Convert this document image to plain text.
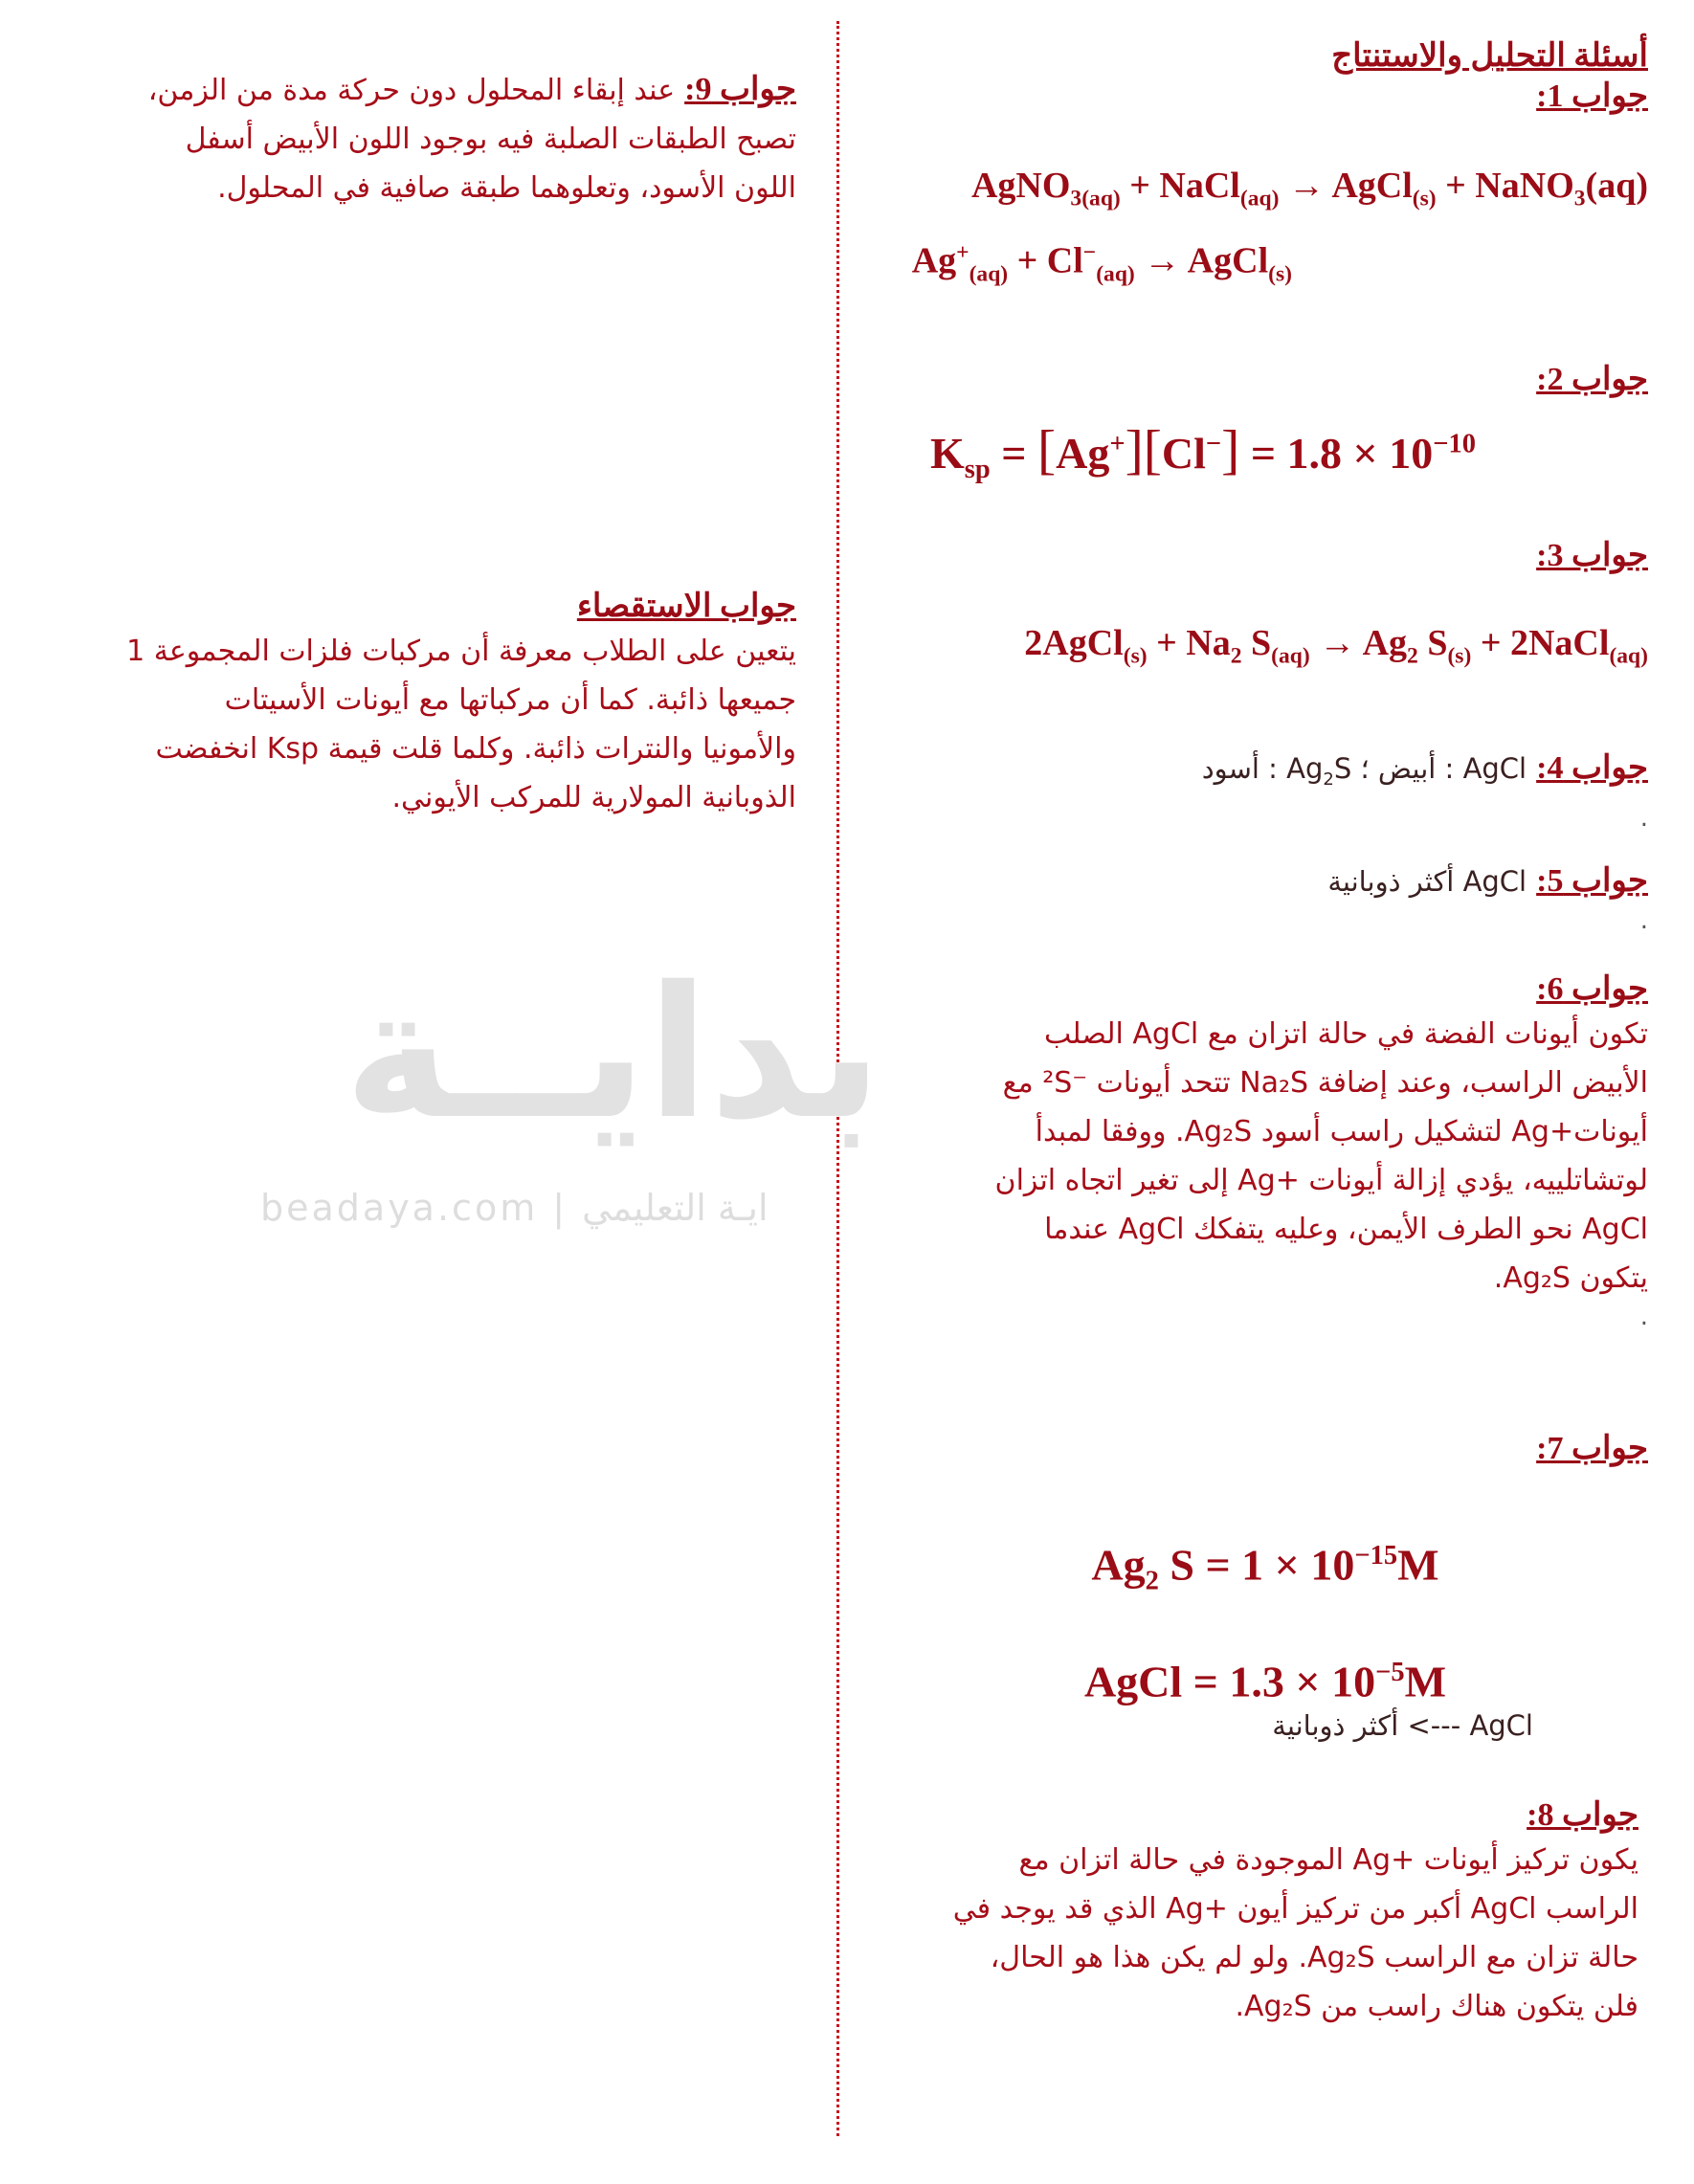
بدايــة
beadaya.com | ايـة التعليمي
أسئلة التحليل والاستنتاج
جواب 1:
AgNO$_{3(aq)}$ + NaCl$_{(aq)}$ → AgCl$_{(s)}$ + NaNO$_3$(aq)
$Ag^+_{(aq)} + Cl^-_{(aq)}$ → AgCl$_{(s)}$
جواب 2:
$K_{sp} = [Ag^+][Cl^-] = 1.8 \times 10^{-10}$
جواب 3:
2AgCl$_{(s)}$ + $Na_2$ $S_{(aq)} \to Ag_2$ $S_{(s)}$ + 2NaCl$_{(aq)}$
جواب 4:AgCl : أبيض ؛ $Ag_2S$ : أسود
.
جواب 5:AgCl أكثر ذوبانية
.
جواب 6:
تكون أيونات الفضة في حالة اتزان مع AgCl الصلب
الأبيض الراسب، وعند إضافة Na₂S تتحد أيونات ⁻²S مع
أيونات+Ag لتشكيل راسب أسود Ag₂S. ووفقا لمبدأ
لوتشاتلييه، يؤدي إزالة أيونات +Ag إلى تغير اتجاه اتزان
AgCl نحو الطرف الأيمن، وعليه يتفكك AgCl عندما
يتكون Ag₂S.
.
جواب 7:
$Ag_2$ $S = 1 \times 10^{-15}M$
AgCl = $1.3 \times 10^{-5}M$
AgCl ---> أكثر ذوبانية
جواب 8:
يكون تركيز أيونات +Ag الموجودة في حالة اتزان مع
الراسب AgCl أكبر من تركيز أيون +Ag الذي قد يوجد في
حالة تزان مع الراسب Ag₂S. ولو لم يكن هذا هو الحال،
فلن يتكون هناك راسب من Ag₂S.
جواب 9:عند إبقاء المحلول دون حركة مدة من الزمن،
تصبح الطبقات الصلبة فيه بوجود اللون الأبيض أسفل
اللون الأسود، وتعلوهما طبقة صافية في المحلول.
جواب الاستقصاء
يتعين على الطلاب معرفة أن مركبات فلزات المجموعة 1
جميعها ذائبة. كما أن مركباتها مع أيونات الأسيتات
والأمونيا والنترات ذائبة. وكلما قلت قيمة Ksp انخفضت
الذوبانية المولارية للمركب الأيوني.
